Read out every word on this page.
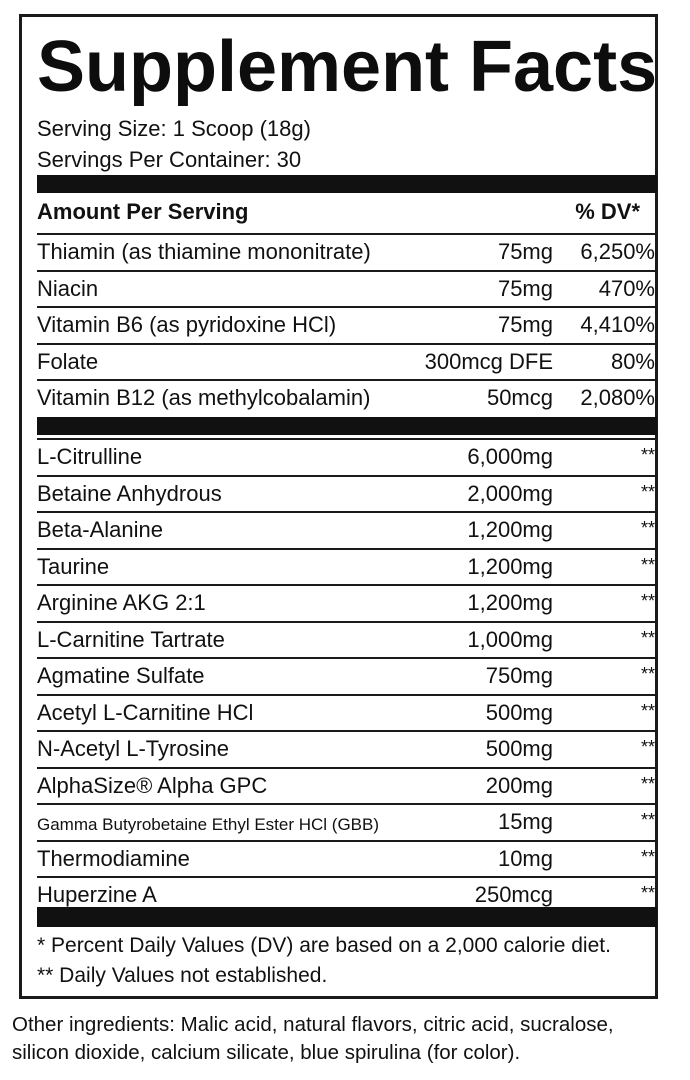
Supplement Facts
Serving Size: 1 Scoop (18g)
Servings Per Container: 30
Amount Per Serving	% DV*
Thiamin (as thiamine mononitrate)	75mg 6,250%
Niacin	75mg 470%
Vitamin B6 (as pyridoxine HCl)	75mg 4,410%
Folate	300mcg DFE	80%
Vitamin B12 (as methylcobalamin)	50mcg 2,080%
L-Citrulline	6,000mg	**
Betaine Anhydrous	2,000mg	**
Beta-Alanine	1,200mg	**
Taurine	1,200mg	**
Arginine AKG 2:1	1,200mg	**
L-Carnitine Tartrate	1,000mg	**
Agmatine Sulfate	750mg	**
Acetyl L-Carnitine HCl	500mg	**
N-Acetyl L-Tyrosine	500mg	**
AlphaSize® Alpha GPC	200mg	**
Gamma Butyrobetaine Ethyl Ester HCl (GBB)	15mg	**
Thermodiamine	10mg	**
Huperzine A	250mcg	**
* Percent Daily Values (DV) are based on a 2,000 calorie diet.
** Daily Values not established.
Other ingredients: Malic acid, natural flavors, citric acid, sucralose,
silicon dioxide, calcium silicate, blue spirulina (for color).
